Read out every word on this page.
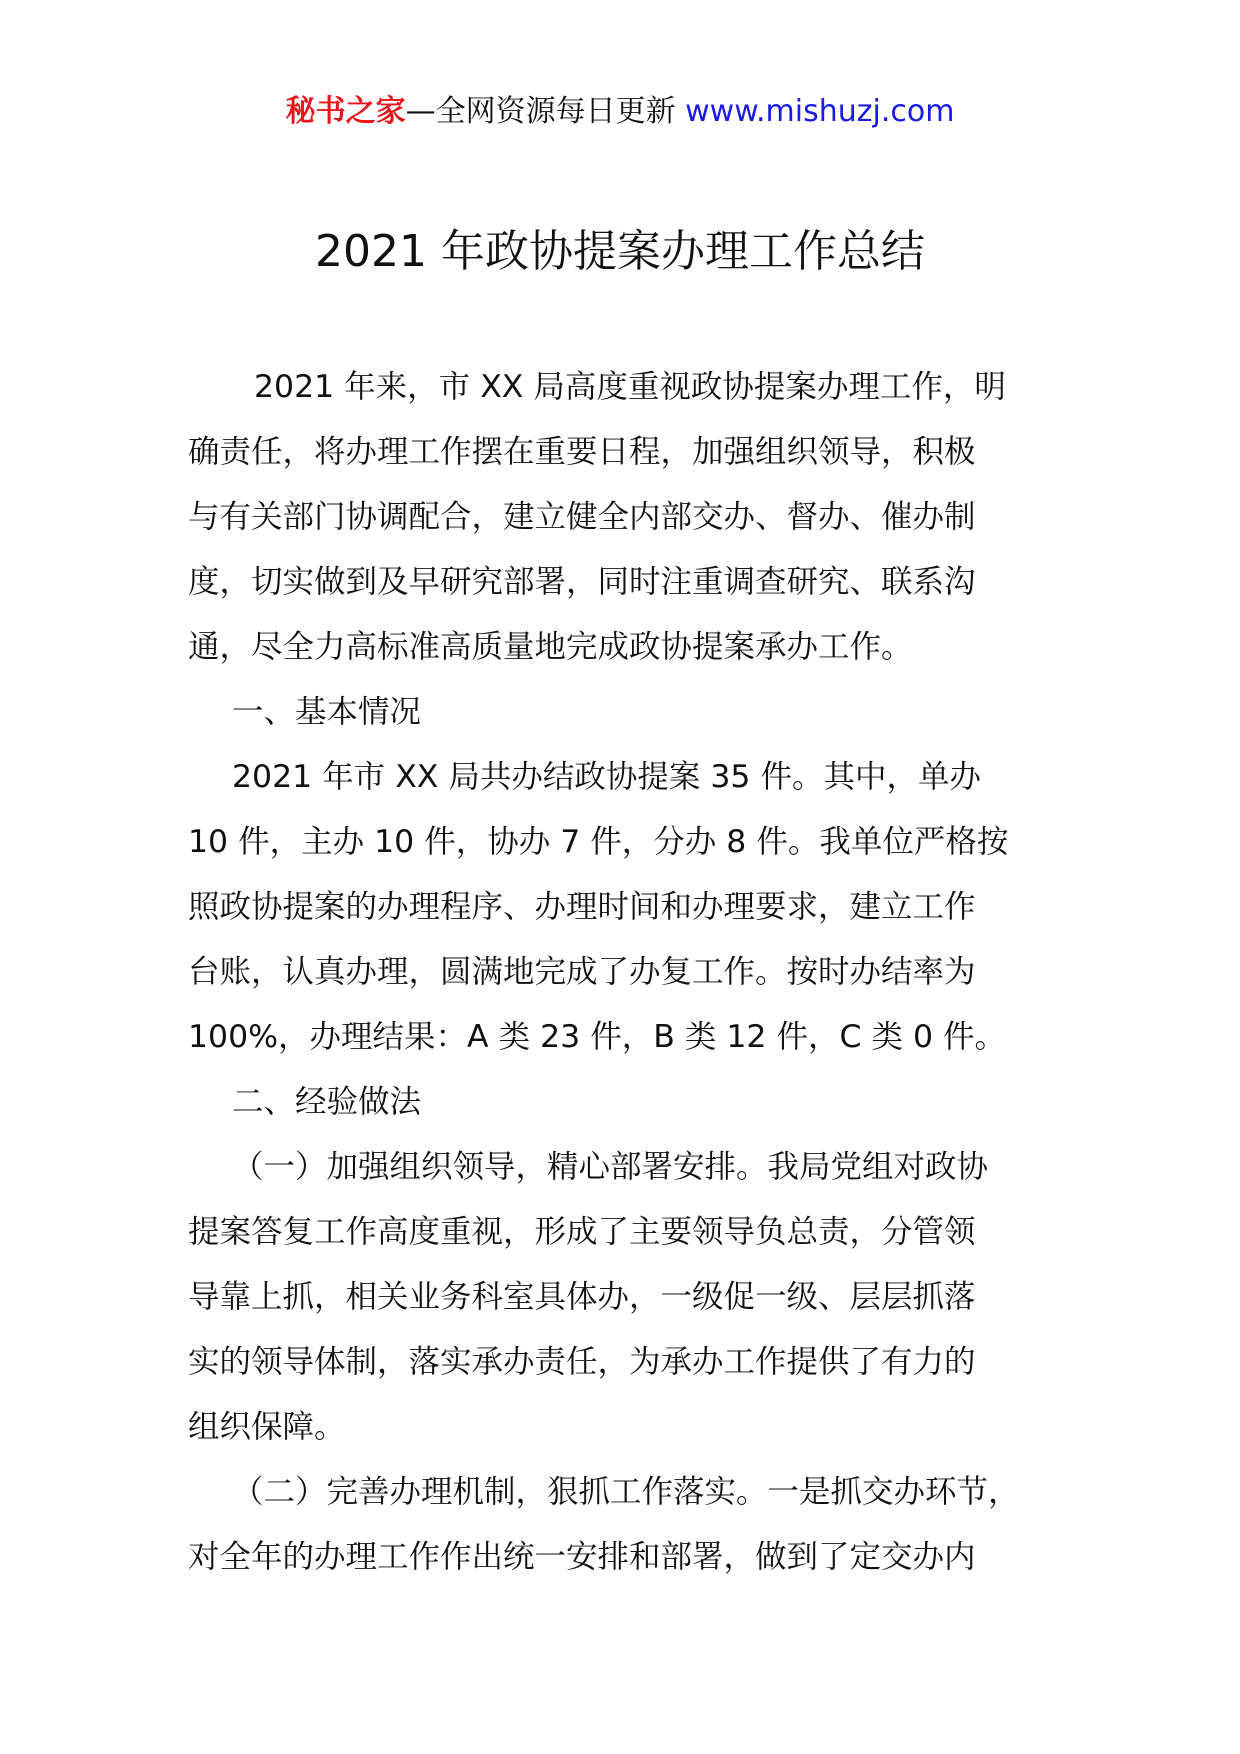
秘书之家—全网资源每日更新 www.mishuzj.com
2021 年政协提案办理工作总结
2021 年来，市 XX 局高度重视政协提案办理工作，明
确责任，将办理工作摆在重要日程，加强组织领导，积极
与有关部门协调配合，建立健全内部交办、督办、催办制
度，切实做到及早研究部署，同时注重调查研究、联系沟
通，尽全力高标准高质量地完成政协提案承办工作。
一、基本情况
2021 年市 XX 局共办结政协提案 35 件。其中，单办
10 件，主办 10 件，协办 7 件，分办 8 件。我单位严格按
照政协提案的办理程序、办理时间和办理要求，建立工作
台账，认真办理，圆满地完成了办复工作。按时办结率为
100%，办理结果：A 类 23 件，B 类 12 件，C 类 0 件。
二、经验做法
（一）加强组织领导，精心部署安排。我局党组对政协
提案答复工作高度重视，形成了主要领导负总责，分管领
导靠上抓，相关业务科室具体办，一级促一级、层层抓落
实的领导体制，落实承办责任，为承办工作提供了有力的
组织保障。
（二）完善办理机制，狠抓工作落实。一是抓交办环节，
对全年的办理工作作出统一安排和部署，做到了定交办内
